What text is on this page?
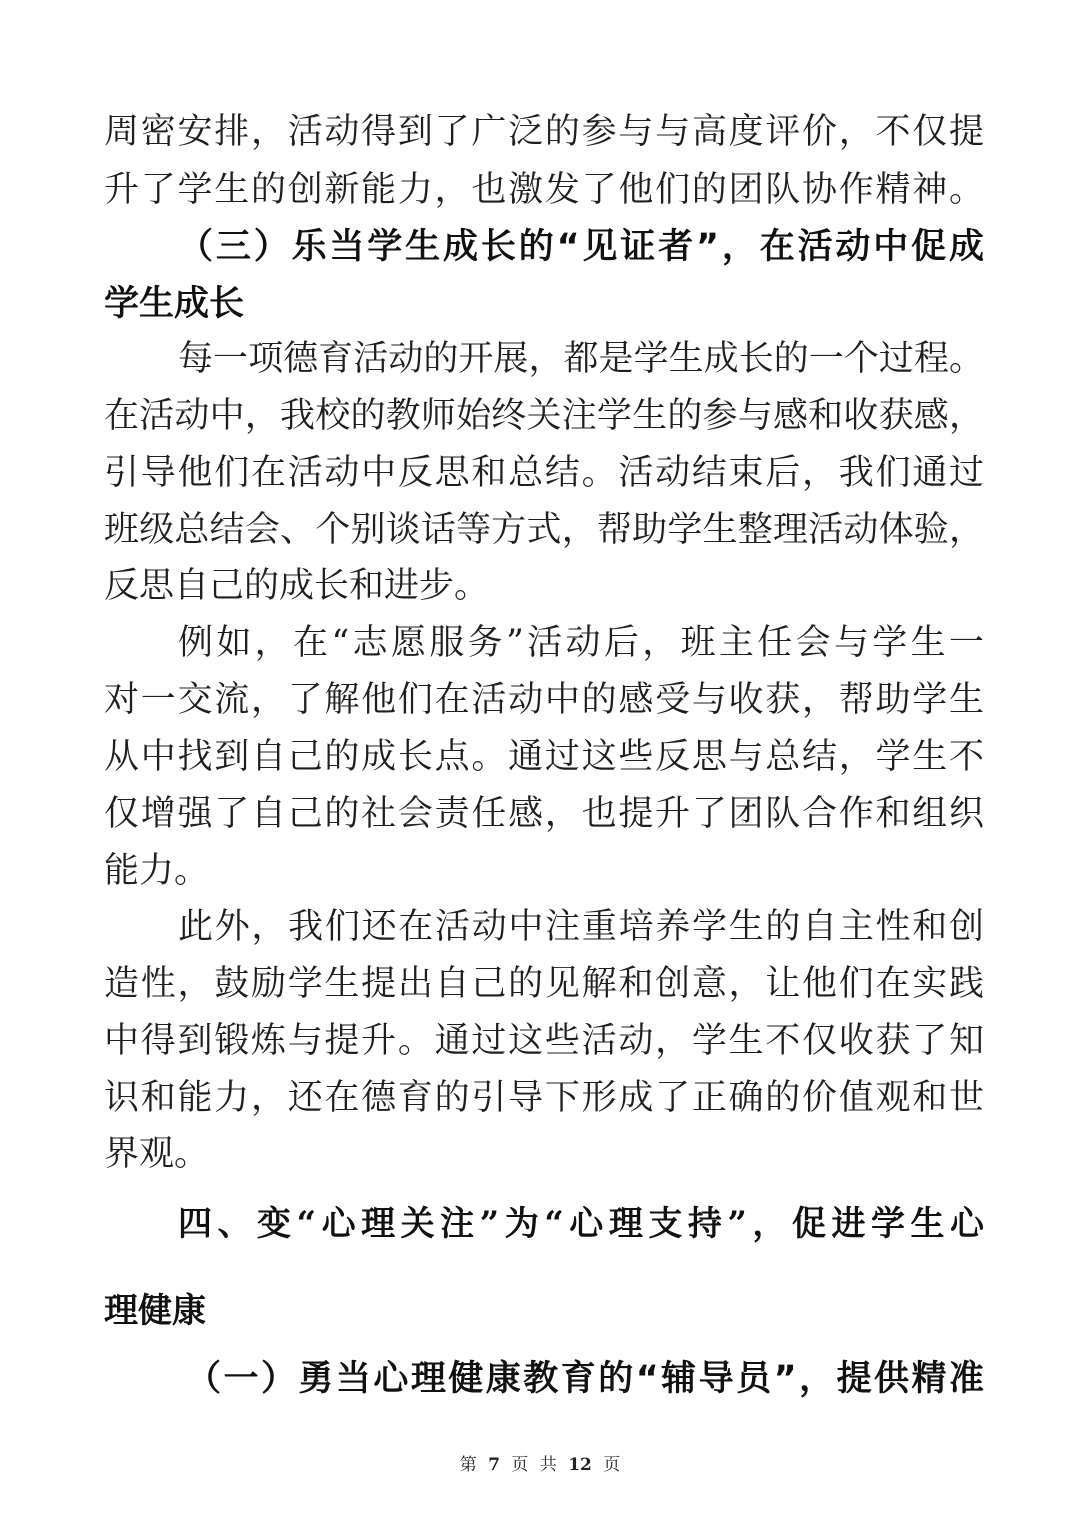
周密安排，活动得到了广泛的参与与高度评价，不仅提
升了学生的创新能力，也激发了他们的团队协作精神。
（三）乐当学生成长的“见证者”，在活动中促成
学生成长
每一项德育活动的开展，都是学生成长的一个过程。
在活动中，我校的教师始终关注学生的参与感和收获感，
引导他们在活动中反思和总结。活动结束后，我们通过
班级总结会、个别谈话等方式，帮助学生整理活动体验，
反思自己的成长和进步。
例如，在“志愿服务”活动后，班主任会与学生一
对一交流，了解他们在活动中的感受与收获，帮助学生
从中找到自己的成长点。通过这些反思与总结，学生不
仅增强了自己的社会责任感，也提升了团队合作和组织
能力。
此外，我们还在活动中注重培养学生的自主性和创
造性，鼓励学生提出自己的见解和创意，让他们在实践
中得到锻炼与提升。通过这些活动，学生不仅收获了知
识和能力，还在德育的引导下形成了正确的价值观和世
界观。
四、变“心理关注”为“心理支持”，促进学生心
理健康
（一）勇当心理健康教育的“辅导员”，提供精准
第 7 页 共 12 页
